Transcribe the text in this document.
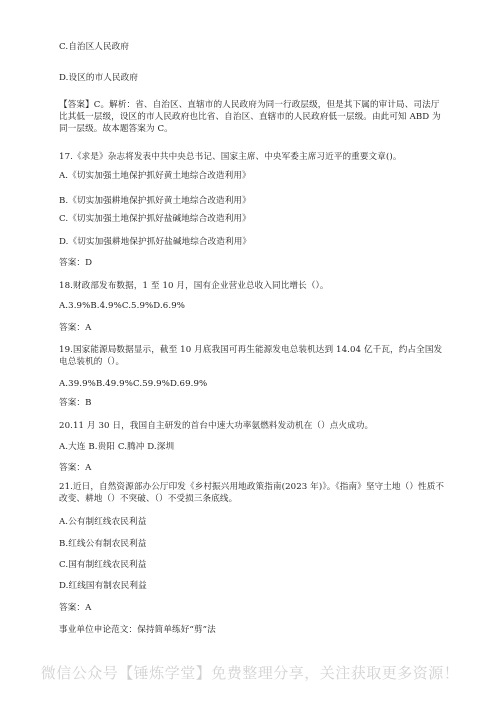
C.自治区人民政府
D.设区的市人民政府
【答案】C。解析：省、自治区、直辖市的人民政府为同一行政层级，但是其下属的审计局、司法厅比其低一层级，设区的市人民政府也比省、自治区、直辖市的人民政府低一层级。由此可知 ABD 为同一层级。故本题答案为 C。
17.《求是》杂志将发表中共中央总书记、国家主席、中央军委主席习近平的重要文章()。
A.《切实加强土地保护抓好黄土地综合改造利用》
B.《切实加强耕地保护抓好黄土地综合改造利用》
C.《切实加强土地保护抓好盐碱地综合改造利用》
D.《切实加强耕地保护抓好盐碱地综合改造利用》
答案：D
18.财政部发布数据，1 至 10 月，国有企业营业总收入同比增长（）。
A.3.9%B.4.9%C.5.9%D.6.9%
答案：A
19.国家能源局数据显示，截至 10 月底我国可再生能源发电总装机达到 14.04 亿千瓦，约占全国发电总装机的（）。
A.39.9%B.49.9%C.59.9%D.69.9%
答案：B
20.11 月 30 日，我国自主研发的首台中速大功率氨燃料发动机在（）点火成功。
A.大连 B.贵阳 C.腾冲 D.深圳
答案：A
21.近日，自然资源部办公厅印发《乡村振兴用地政策指南(2023 年)》。《指南》坚守土地（）性质不改变、耕地（）不突破、（）不受损三条底线。
A.公有制红线农民利益
B.红线公有制农民利益
C.国有制红线农民利益
D.红线国有制农民利益
答案：A
事业单位申论范文：保持简单练好“剪”法
微信公众号【锤炼学堂】免费整理分享，关注获取更多资源！
